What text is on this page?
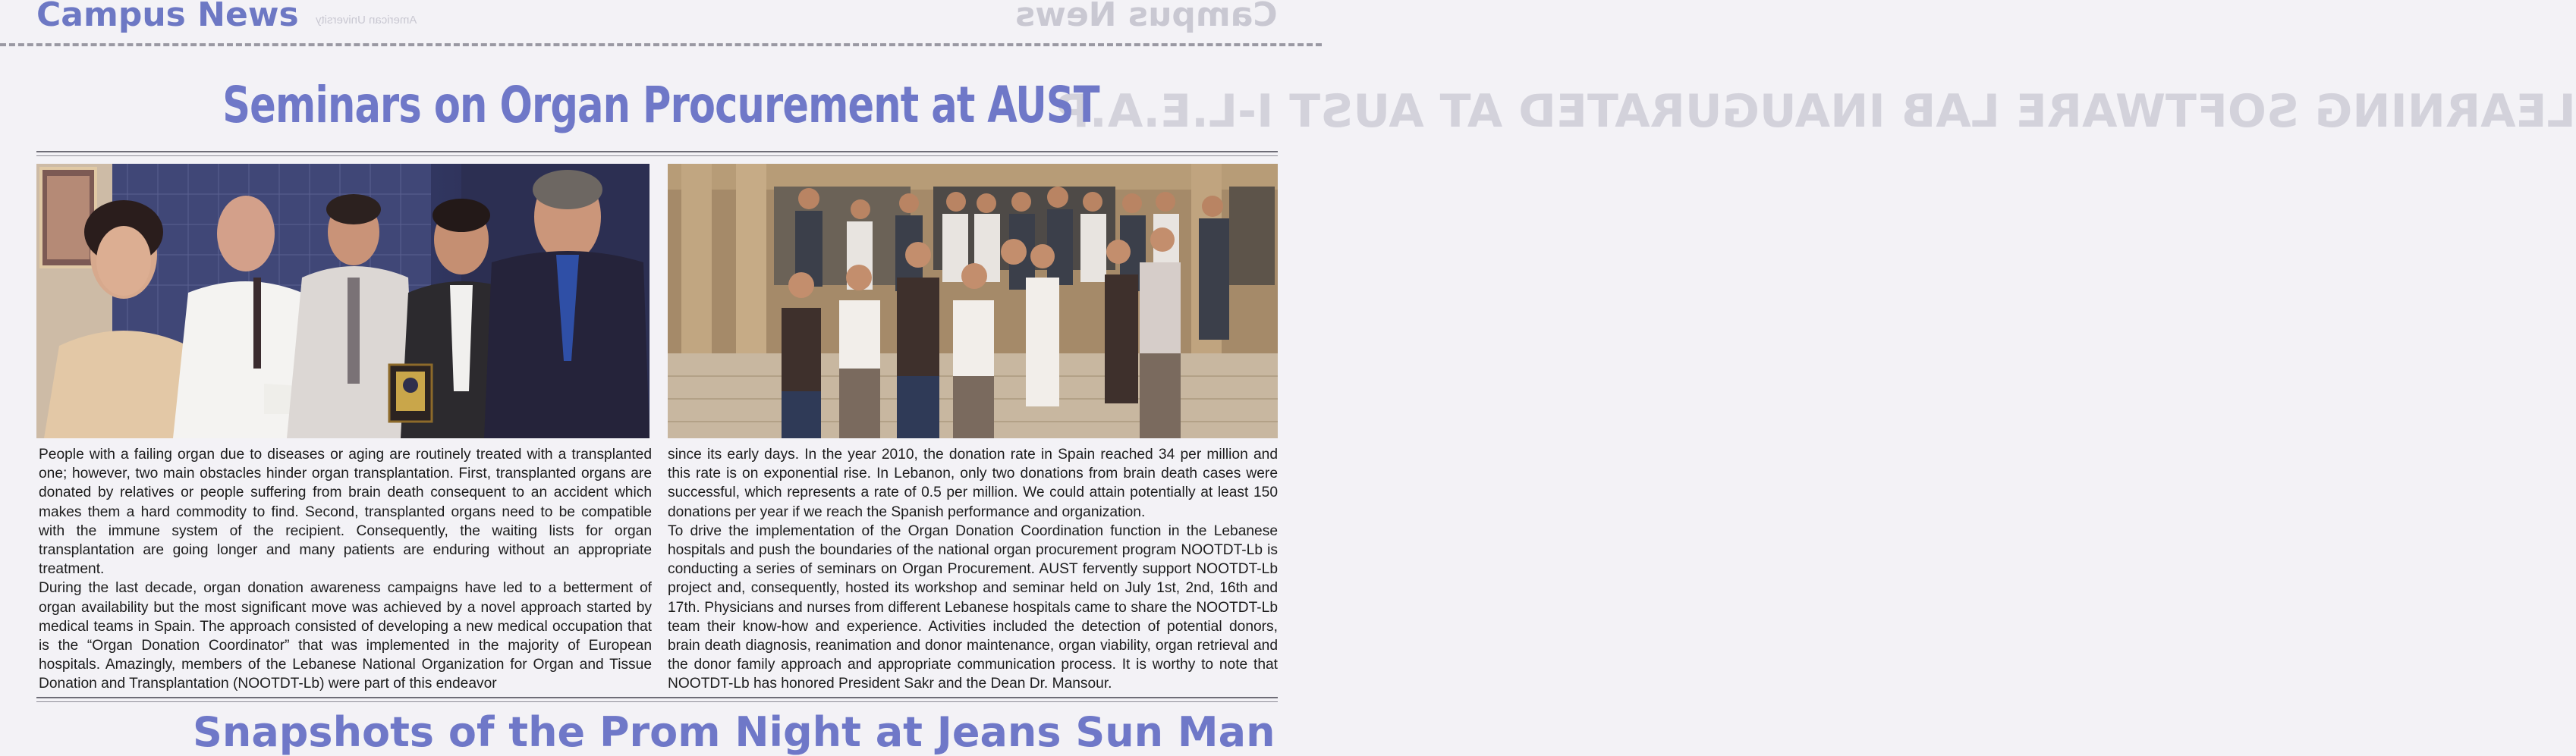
Campus News American University	Campus News
LEARNING SOFTWARE LAB INAUGURATED AT AUST I-L.E.A.P
Seminars on Organ Procurement at AUST

People with a failing organ due to diseases or aging are routinely treated with a transplanted one; however, two main obstacles hinder organ transplantation. First, transplanted organs are donated by relatives or people suffering from brain death consequent to an accident which makes them a hard commodity to find. Second, transplanted organs need to be compatible with the immune system of the recipient. Consequently, the waiting lists for organ transplantation are going longer and many patients are enduring without an appropriate treatment.

During the last decade, organ donation awareness campaigns have led to a betterment of organ availability but the most significant move was achieved by a novel approach started by medical teams in Spain. The approach consisted of developing a new medical occupation that is the “Organ Donation Coordinator” that was implemented in the majority of European hospitals. Amazingly, members of the Lebanese National Organization for Organ and Tissue Donation and Transplantation (NOOTDT-Lb) were part of this endeavor

since its early days. In the year 2010, the donation rate in Spain reached 34 per million and this rate is on exponential rise. In Lebanon, only two donations from brain death cases were successful, which represents a rate of 0.5 per million. We could attain potentially at least 150 donations per year if we reach the Spanish performance and organization.

To drive the implementation of the Organ Donation Coordination function in the Lebanese hospitals and push the boundaries of the national organ procurement program NOOTDT-Lb is conducting a series of seminars on Organ Procurement. AUST fervently support NOOTDT-Lb project and, consequently, hosted its workshop and seminar held on July 1st, 2nd, 16th and 17th. Physicians and nurses from different Lebanese hospitals came to share the NOOTDT-Lb team their know-how and experience. Activities included the detection of potential donors, brain death diagnosis, reanimation and donor maintenance, organ viability, organ retrieval and the donor family approach and appropriate communication process. It is worthy to note that NOOTDT-Lb has honored President Sakr and the Dean Dr. Mansour.

Snapshots of the Prom Night at Jeans Sun Man
